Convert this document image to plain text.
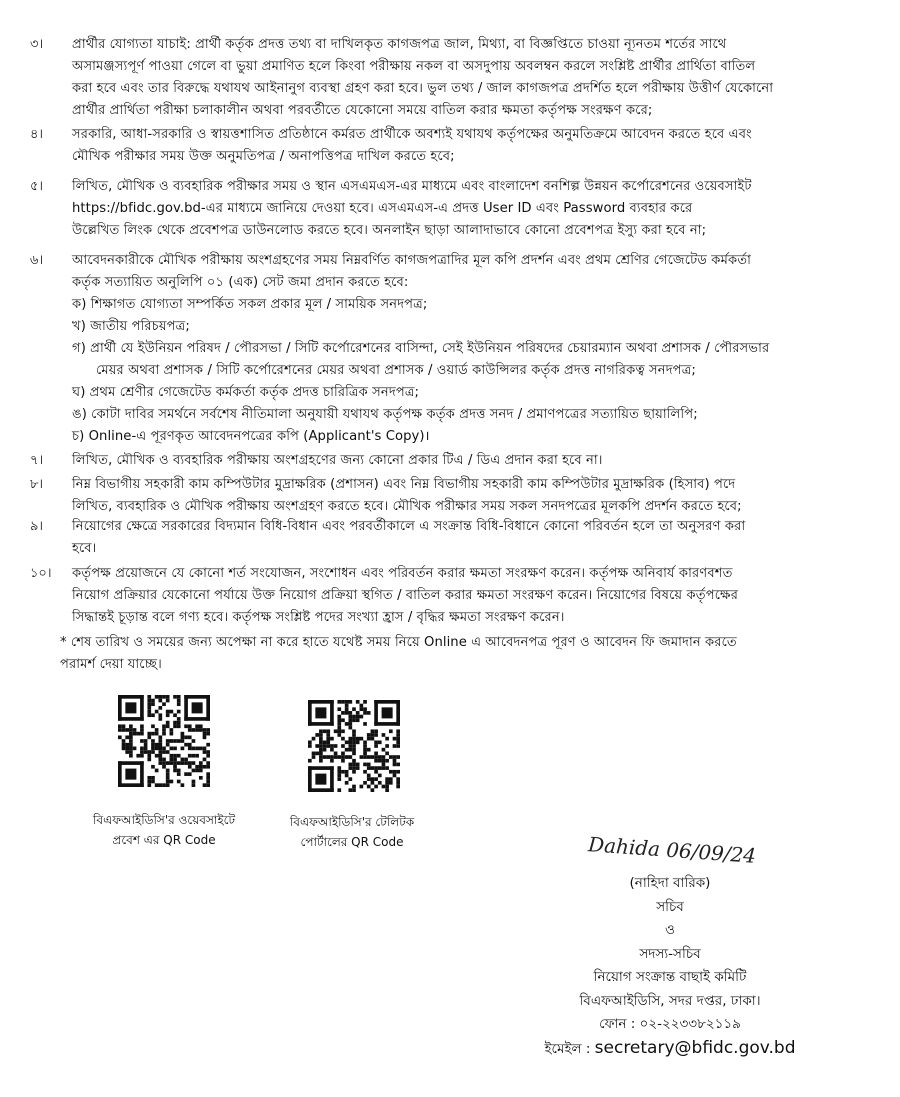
৩।	প্রার্থীর যোগ্যতা যাচাই: প্রার্থী কর্তৃক প্রদত্ত তথ্য বা দাখিলকৃত কাগজপত্র জাল, মিথ্যা, বা বিজ্ঞপ্তিতে চাওয়া ন্যূনতম শর্তের সাথে
অসামঞ্জস্যপূর্ণ পাওয়া গেলে বা ভুয়া প্রমাণিত হলে কিংবা পরীক্ষায় নকল বা অসদুপায় অবলম্বন করলে সংশ্লিষ্ট প্রার্থীর প্রার্থিতা বাতিল
করা হবে এবং তার বিরুদ্ধে যথাযথ আইনানুগ ব্যবস্থা গ্রহণ করা হবে। ভুল তথ্য / জাল কাগজপত্র প্রদর্শিত হলে পরীক্ষায় উত্তীর্ণ যেকোনো
প্রার্থীর প্রার্থিতা পরীক্ষা চলাকালীন অথবা পরবর্তীতে যেকোনো সময়ে বাতিল করার ক্ষমতা কর্তৃপক্ষ সংরক্ষণ করে;
৪।	সরকারি, আধা-সরকারি ও স্বায়ত্তশাসিত প্রতিষ্ঠানে কর্মরত প্রার্থীকে অবশ্যই যথাযথ কর্তৃপক্ষের অনুমতিক্রমে আবেদন করতে হবে এবং
মৌখিক পরীক্ষার সময় উক্ত অনুমতিপত্র / অনাপত্তিপত্র দাখিল করতে হবে;
৫।	লিখিত, মৌখিক ও ব্যবহারিক পরীক্ষার সময় ও স্থান এসএমএস-এর মাধ্যমে এবং বাংলাদেশ বনশিল্প উন্নয়ন কর্পোরেশনের ওয়েবসাইট
https://bfidc.gov.bd-এর মাধ্যমে জানিয়ে দেওয়া হবে। এসএমএস-এ প্রদত্ত User ID এবং Password ব্যবহার করে
উল্লেখিত লিংক থেকে প্রবেশপত্র ডাউনলোড করতে হবে। অনলাইন ছাড়া আলাদাভাবে কোনো প্রবেশপত্র ইস্যু করা হবে না;
৬।	আবেদনকারীকে মৌখিক পরীক্ষায় অংশগ্রহণের সময় নিম্নবর্ণিত কাগজপত্রাদির মূল কপি প্রদর্শন এবং প্রথম শ্রেণির গেজেটেড কর্মকর্তা
কর্তৃক সত্যায়িত অনুলিপি ০১ (এক) সেট জমা প্রদান করতে হবে:
ক) শিক্ষাগত যোগ্যতা সম্পর্কিত সকল প্রকার মূল / সাময়িক সনদপত্র;
খ) জাতীয় পরিচয়পত্র;
গ) প্রার্থী যে ইউনিয়ন পরিষদ / পৌরসভা / সিটি কর্পোরেশনের বাসিন্দা, সেই ইউনিয়ন পরিষদের চেয়ারম্যান অথবা প্রশাসক / পৌরসভার
মেয়র অথবা প্রশাসক / সিটি কর্পোরেশনের মেয়র অথবা প্রশাসক / ওয়ার্ড কাউন্সিলর কর্তৃক প্রদত্ত নাগরিকত্ব সনদপত্র;
ঘ) প্রথম শ্রেণীর গেজেটেড কর্মকর্তা কর্তৃক প্রদত্ত চারিত্রিক সনদপত্র;
ঙ) কোটা দাবির সমর্থনে সর্বশেষ নীতিমালা অনুযায়ী যথাযথ কর্তৃপক্ষ কর্তৃক প্রদত্ত সনদ / প্রমাণপত্রের সত্যায়িত ছায়ালিপি;
চ) Online-এ পূরণকৃত আবেদনপত্রের কপি (Applicant's Copy)।
৭।	লিখিত, মৌখিক ও ব্যবহারিক পরীক্ষায় অংশগ্রহণের জন্য কোনো প্রকার টিএ / ডিএ প্রদান করা হবে না।
৮।	নিম্ন বিভাগীয় সহকারী কাম কম্পিউটার মুদ্রাক্ষরিক (প্রশাসন) এবং নিম্ন বিভাগীয় সহকারী কাম কম্পিউটার মুদ্রাক্ষরিক (হিসাব) পদে
লিখিত, ব্যবহারিক ও মৌখিক পরীক্ষায় অংশগ্রহণ করতে হবে। মৌখিক পরীক্ষার সময় সকল সনদপত্রের মূলকপি প্রদর্শন করতে হবে;
৯।	নিয়োগের ক্ষেত্রে সরকারের বিদ্যমান বিধি-বিধান এবং পরবর্তীকালে এ সংক্রান্ত বিধি-বিধানে কোনো পরিবর্তন হলে তা অনুসরণ করা
হবে।
১০।	কর্তৃপক্ষ প্রয়োজনে যে কোনো শর্ত সংযোজন, সংশোধন এবং পরিবর্তন করার ক্ষমতা সংরক্ষণ করেন। কর্তৃপক্ষ অনিবার্য কারণবশত
নিয়োগ প্রক্রিয়ার যেকোনো পর্যায়ে উক্ত নিয়োগ প্রক্রিয়া স্থগিত / বাতিল করার ক্ষমতা সংরক্ষণ করেন। নিয়োগের বিষয়ে কর্তৃপক্ষের
সিদ্ধান্তই চূড়ান্ত বলে গণ্য হবে। কর্তৃপক্ষ সংশ্লিষ্ট পদের সংখ্যা হ্রাস / বৃদ্ধির ক্ষমতা সংরক্ষণ করেন।
* শেষ তারিখ ও সময়ের জন্য অপেক্ষা না করে হাতে যথেষ্ট সময় নিয়ে Online এ আবেদনপত্র পূরণ ও আবেদন ফি জমাদান করতে
পরামর্শ দেয়া যাচ্ছে।
বিএফআইডিসি'র ওয়েবসাইটে
প্রবেশ এর QR Code
বিএফআইডিসি'র টেলিটক
পোর্টালের QR Code	Dahida 06/09/24
(নাহিদা বারিক)
সচিব
ও
সদস্য-সচিব
নিয়োগ সংক্রান্ত বাছাই কমিটি
বিএফআইডিসি, সদর দপ্তর, ঢাকা।
ফোন : ০২-২২৩৩৮২১১৯
ইমেইল : secretary@bfidc.gov.bd
